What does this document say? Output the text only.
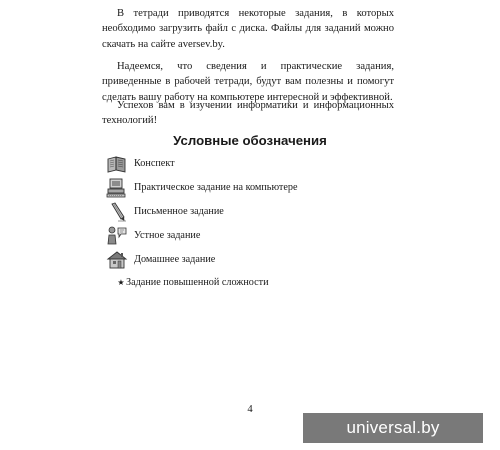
В тетради приводятся некоторые задания, в которых необходимо загрузить файл с диска. Файлы для заданий можно скачать на сайте aversev.by.

Надеемся, что сведения и практические задания, приведенные в рабочей тетради, будут вам полезны и помогут сделать вашу работу на компьютере интересной и эффективной.

Успехов вам в изучении информатики и информационных технологий!

Условные обозначения
Конспект
Практическое задание на компьютере
Письменное задание
Устное задание
Домашнее задание
★ Задание повышенной сложности
4
universal.by
